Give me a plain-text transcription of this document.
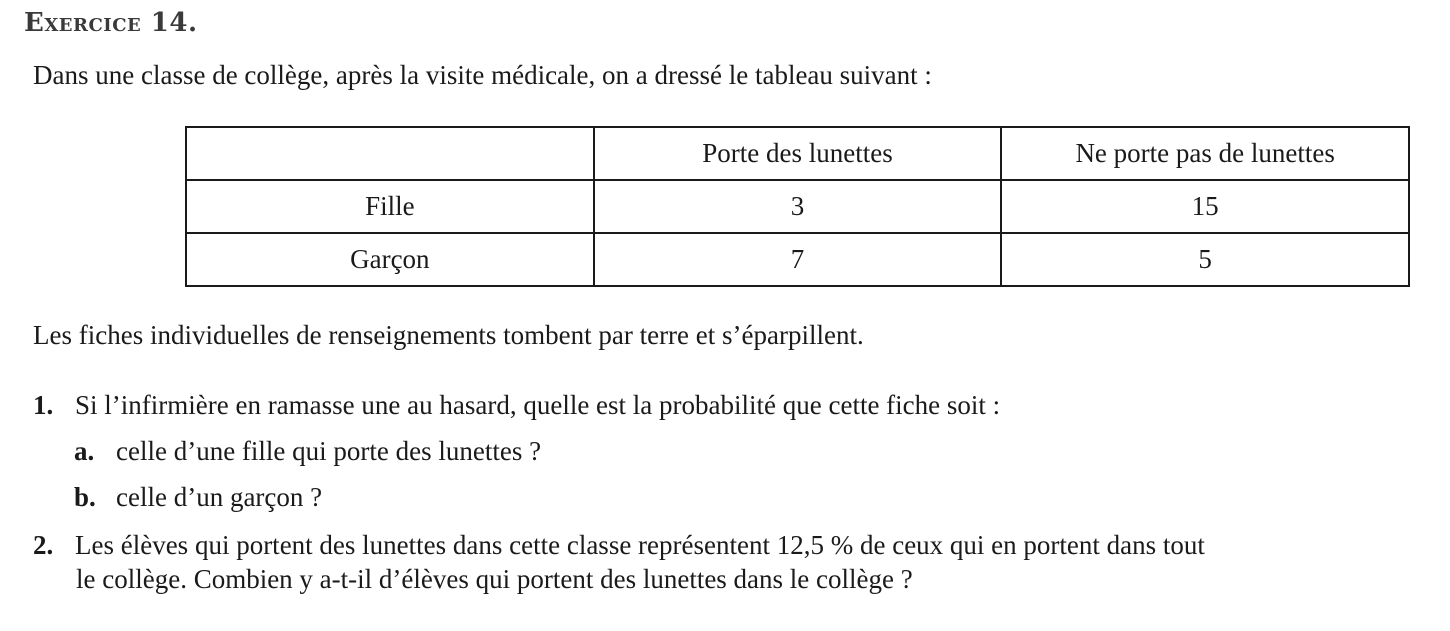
Exercice 14.
Dans une classe de collège, après la visite médicale, on a dressé le tableau suivant :
	Porte des lunettes	Ne porte pas de lunettes
Fille	3	15
Garçon	7	5
Les fiches individuelles de renseignements tombent par terre et s’éparpillent.
1. Si l’infirmière en ramasse une au hasard, quelle est la probabilité que cette fiche soit :
a. celle d’une fille qui porte des lunettes ?
b. celle d’un garçon ?
2. Les élèves qui portent des lunettes dans cette classe représentent 12,5 % de ceux qui en portent dans tout
le collège. Combien y a-t-il d’élèves qui portent des lunettes dans le collège ?
